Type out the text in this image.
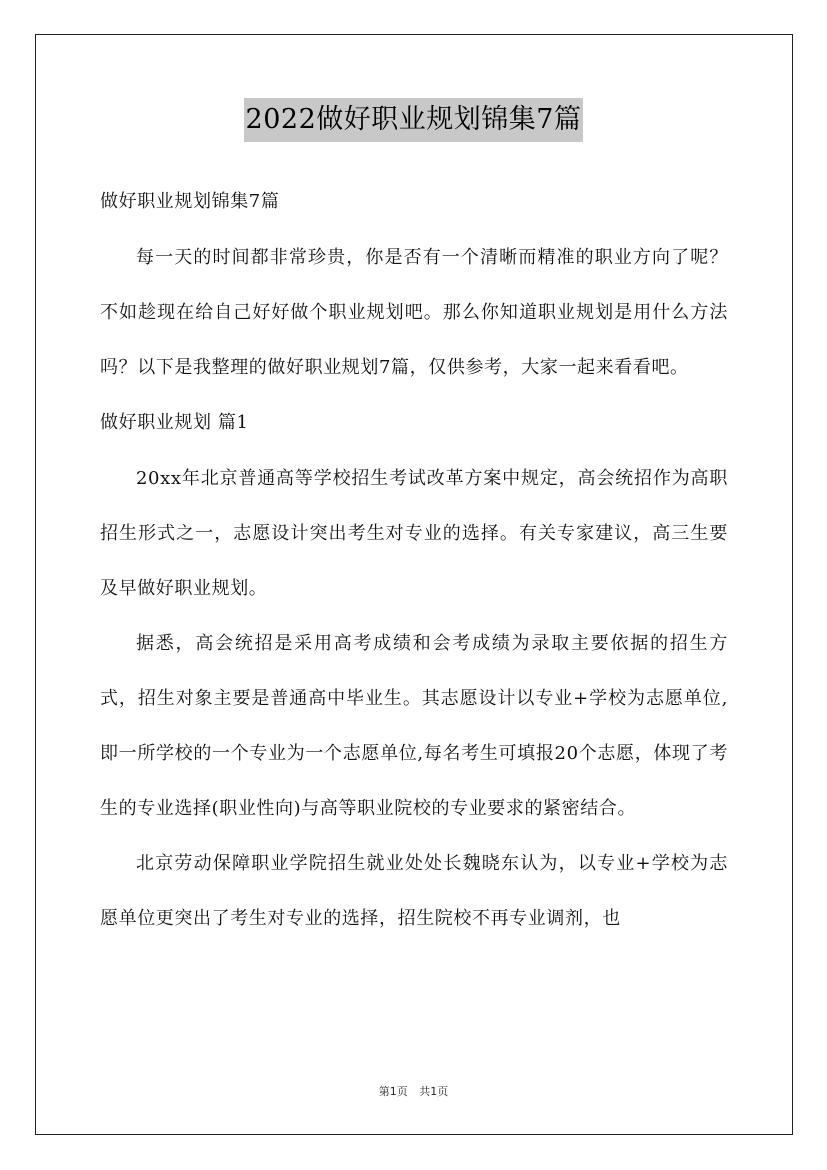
2022做好职业规划锦集7篇

做好职业规划锦集7篇

每一天的时间都非常珍贵，你是否有一个清晰而精准的职业方向了呢？不如趁现在给自己好好做个职业规划吧。那么你知道职业规划是用什么方法吗？以下是我整理的做好职业规划7篇，仅供参考，大家一起来看看吧。

做好职业规划 篇1

20xx年北京普通高等学校招生考试改革方案中规定，高会统招作为高职招生形式之一，志愿设计突出考生对专业的选择。有关专家建议，高三生要及早做好职业规划。

据悉，高会统招是采用高考成绩和会考成绩为录取主要依据的招生方式，招生对象主要是普通高中毕业生。其志愿设计以专业+学校为志愿单位,即一所学校的一个专业为一个志愿单位,每名考生可填报20个志愿，体现了考生的专业选择(职业性向)与高等职业院校的专业要求的紧密结合。

北京劳动保障职业学院招生就业处处长魏晓东认为，以专业+学校为志愿单位更突出了考生对专业的选择，招生院校不再专业调剂，也

第1页 共1页
